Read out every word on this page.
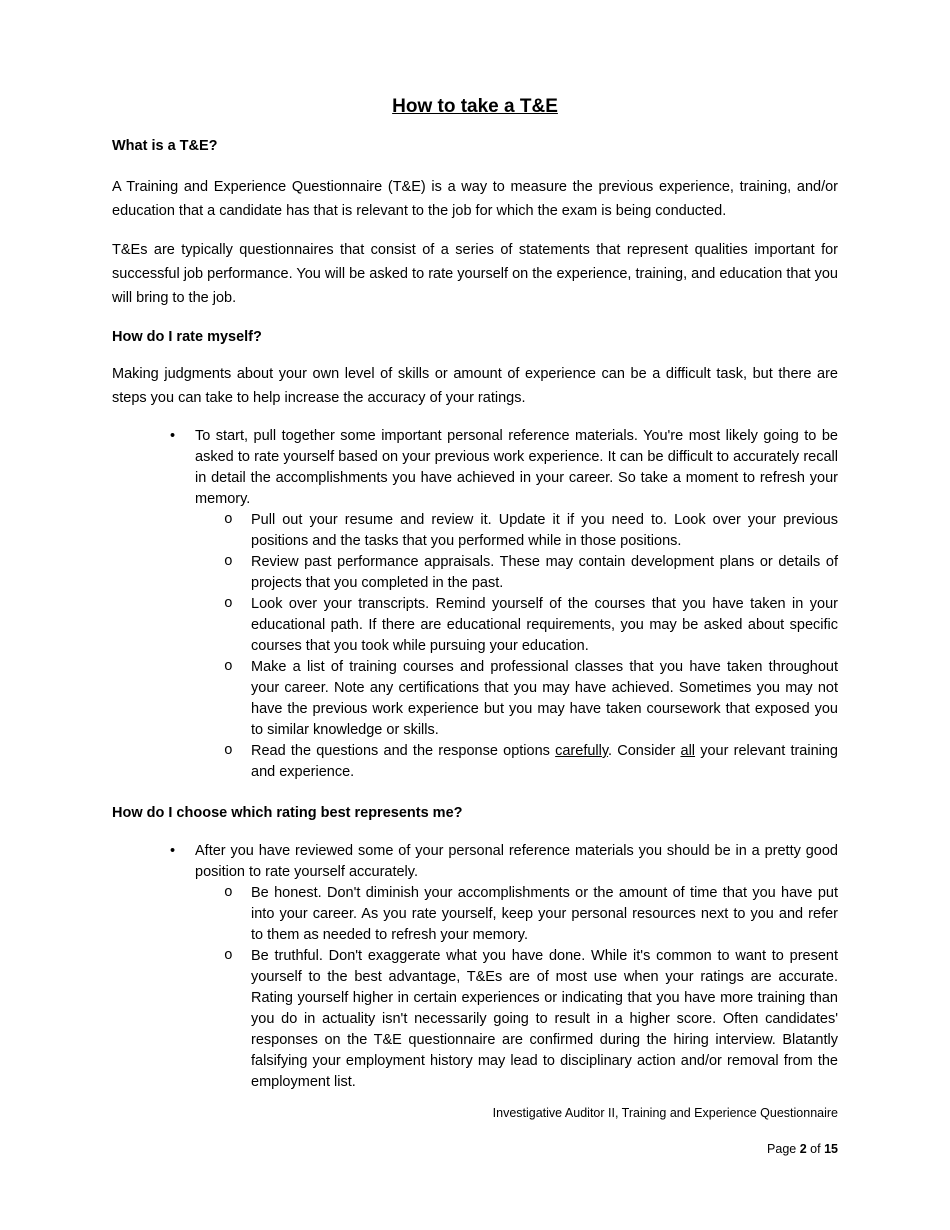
How to take a T&E
What is a T&E?

A Training and Experience Questionnaire (T&E) is a way to measure the previous experience, training, and/or education that a candidate has that is relevant to the job for which the exam is being conducted.

T&Es are typically questionnaires that consist of a series of statements that represent qualities important for successful job performance. You will be asked to rate yourself on the experience, training, and education that you will bring to the job.

How do I rate myself?

Making judgments about your own level of skills or amount of experience can be a difficult task, but there are steps you can take to help increase the accuracy of your ratings.

• To start, pull together some important personal reference materials. You're most likely going to be asked to rate yourself based on your previous work experience. It can be difficult to accurately recall in detail the accomplishments you have achieved in your career. So take a moment to refresh your memory.
o Pull out your resume and review it. Update it if you need to. Look over your previous positions and the tasks that you performed while in those positions.
o Review past performance appraisals. These may contain development plans or details of projects that you completed in the past.
o Look over your transcripts. Remind yourself of the courses that you have taken in your educational path. If there are educational requirements, you may be asked about specific courses that you took while pursuing your education.
o Make a list of training courses and professional classes that you have taken throughout your career. Note any certifications that you may have achieved. Sometimes you may not have the previous work experience but you may have taken coursework that exposed you to similar knowledge or skills.
o Read the questions and the response options carefully. Consider all your relevant training and experience.
How do I choose which rating best represents me?
• After you have reviewed some of your personal reference materials you should be in a pretty good position to rate yourself accurately.
o Be honest. Don't diminish your accomplishments or the amount of time that you have put into your career. As you rate yourself, keep your personal resources next to you and refer to them as needed to refresh your memory.
o Be truthful. Don't exaggerate what you have done. While it's common to want to present yourself to the best advantage, T&Es are of most use when your ratings are accurate. Rating yourself higher in certain experiences or indicating that you have more training than you do in actuality isn't necessarily going to result in a higher score. Often candidates' responses on the T&E questionnaire are confirmed during the hiring interview. Blatantly falsifying your employment history may lead to disciplinary action and/or removal from the employment list.
Investigative Auditor II, Training and Experience Questionnaire
Page 2 of 15
